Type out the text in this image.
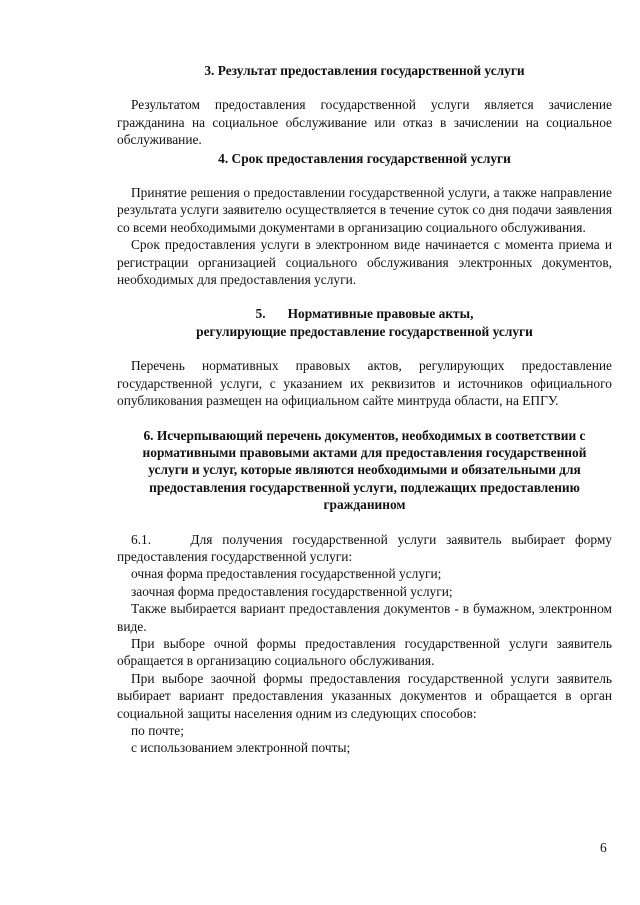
3. Результат предоставления государственной услуги

Результатом предоставления государственной услуги является зачисление гражданина на социальное обслуживание или отказ в зачислении на социальное обслуживание.

4. Срок предоставления государственной услуги

Принятие решения о предоставлении государственной услуги, а также направление результата услуги заявителю осуществляется в течение суток со дня подачи заявления со всеми необходимыми документами в организацию социального обслуживания.

Срок предоставления услуги в электронном виде начинается с момента приема и регистрации организацией социального обслуживания электронных документов, необходимых для предоставления услуги.

5. Нормативные правовые акты,

регулирующие предоставление государственной услуги

Перечень нормативных правовых актов, регулирующих предоставление государственной услуги, с указанием их реквизитов и источников официального опубликования размещен на официальном сайте минтруда области, на ЕПГУ.

6. Исчерпывающий перечень документов, необходимых в соответствии с нормативными правовыми актами для предоставления государственной услуги и услуг, которые являются необходимыми и обязательными для предоставления государственной услуги, подлежащих предоставлению гражданином

6.1.    Для получения государственной услуги заявитель выбирает форму предоставления государственной услуги:

очная форма предоставления государственной услуги;

заочная форма предоставления государственной услуги;

Также выбирается вариант предоставления документов - в бумажном, электронном виде.

При выборе очной формы предоставления государственной услуги заявитель обращается в организацию социального обслуживания.

При выборе заочной формы предоставления государственной услуги заявитель выбирает вариант предоставления указанных документов и обращается в орган социальной защиты населения одним из следующих способов:

по почте;

с использованием электронной почты;

6
